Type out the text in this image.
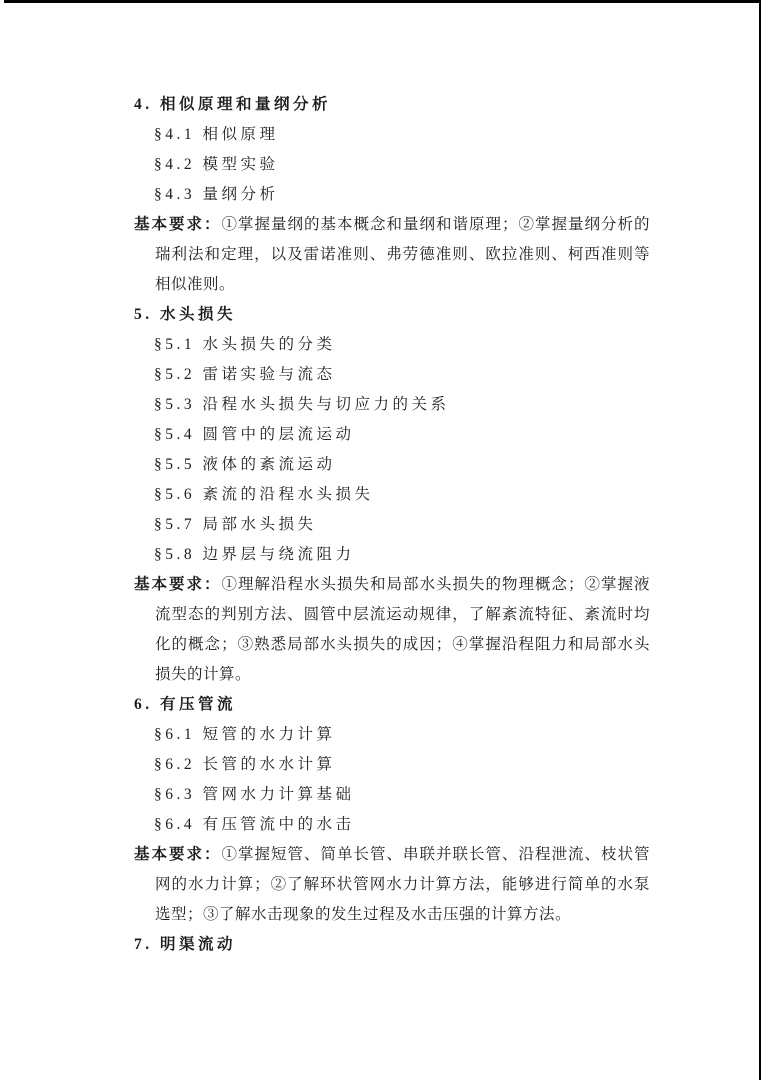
4. 相似原理和量纲分析
§4.1 相似原理
§4.2 模型实验
§4.3 量纲分析

基本要求：①掌握量纲的基本概念和量纲和谐原理；②掌握量纲分析的瑞利法和定理，以及雷诺准则、弗劳德准则、欧拉准则、柯西准则等相似准则。

5. 水头损失
§5.1 水头损失的分类
§5.2 雷诺实验与流态
§5.3 沿程水头损失与切应力的关系
§5.4 圆管中的层流运动
§5.5 液体的紊流运动
§5.6 紊流的沿程水头损失
§5.7 局部水头损失
§5.8 边界层与绕流阻力

基本要求：①理解沿程水头损失和局部水头损失的物理概念；②掌握液流型态的判别方法、圆管中层流运动规律，了解紊流特征、紊流时均化的概念；③熟悉局部水头损失的成因；④掌握沿程阻力和局部水头损失的计算。

6. 有压管流
§6.1 短管的水力计算
§6.2 长管的水水计算
§6.3 管网水力计算基础
§6.4 有压管流中的水击

基本要求：①掌握短管、简单长管、串联并联长管、沿程泄流、枝状管网的水力计算；②了解环状管网水力计算方法，能够进行简单的水泵选型；③了解水击现象的发生过程及水击压强的计算方法。

7. 明渠流动
